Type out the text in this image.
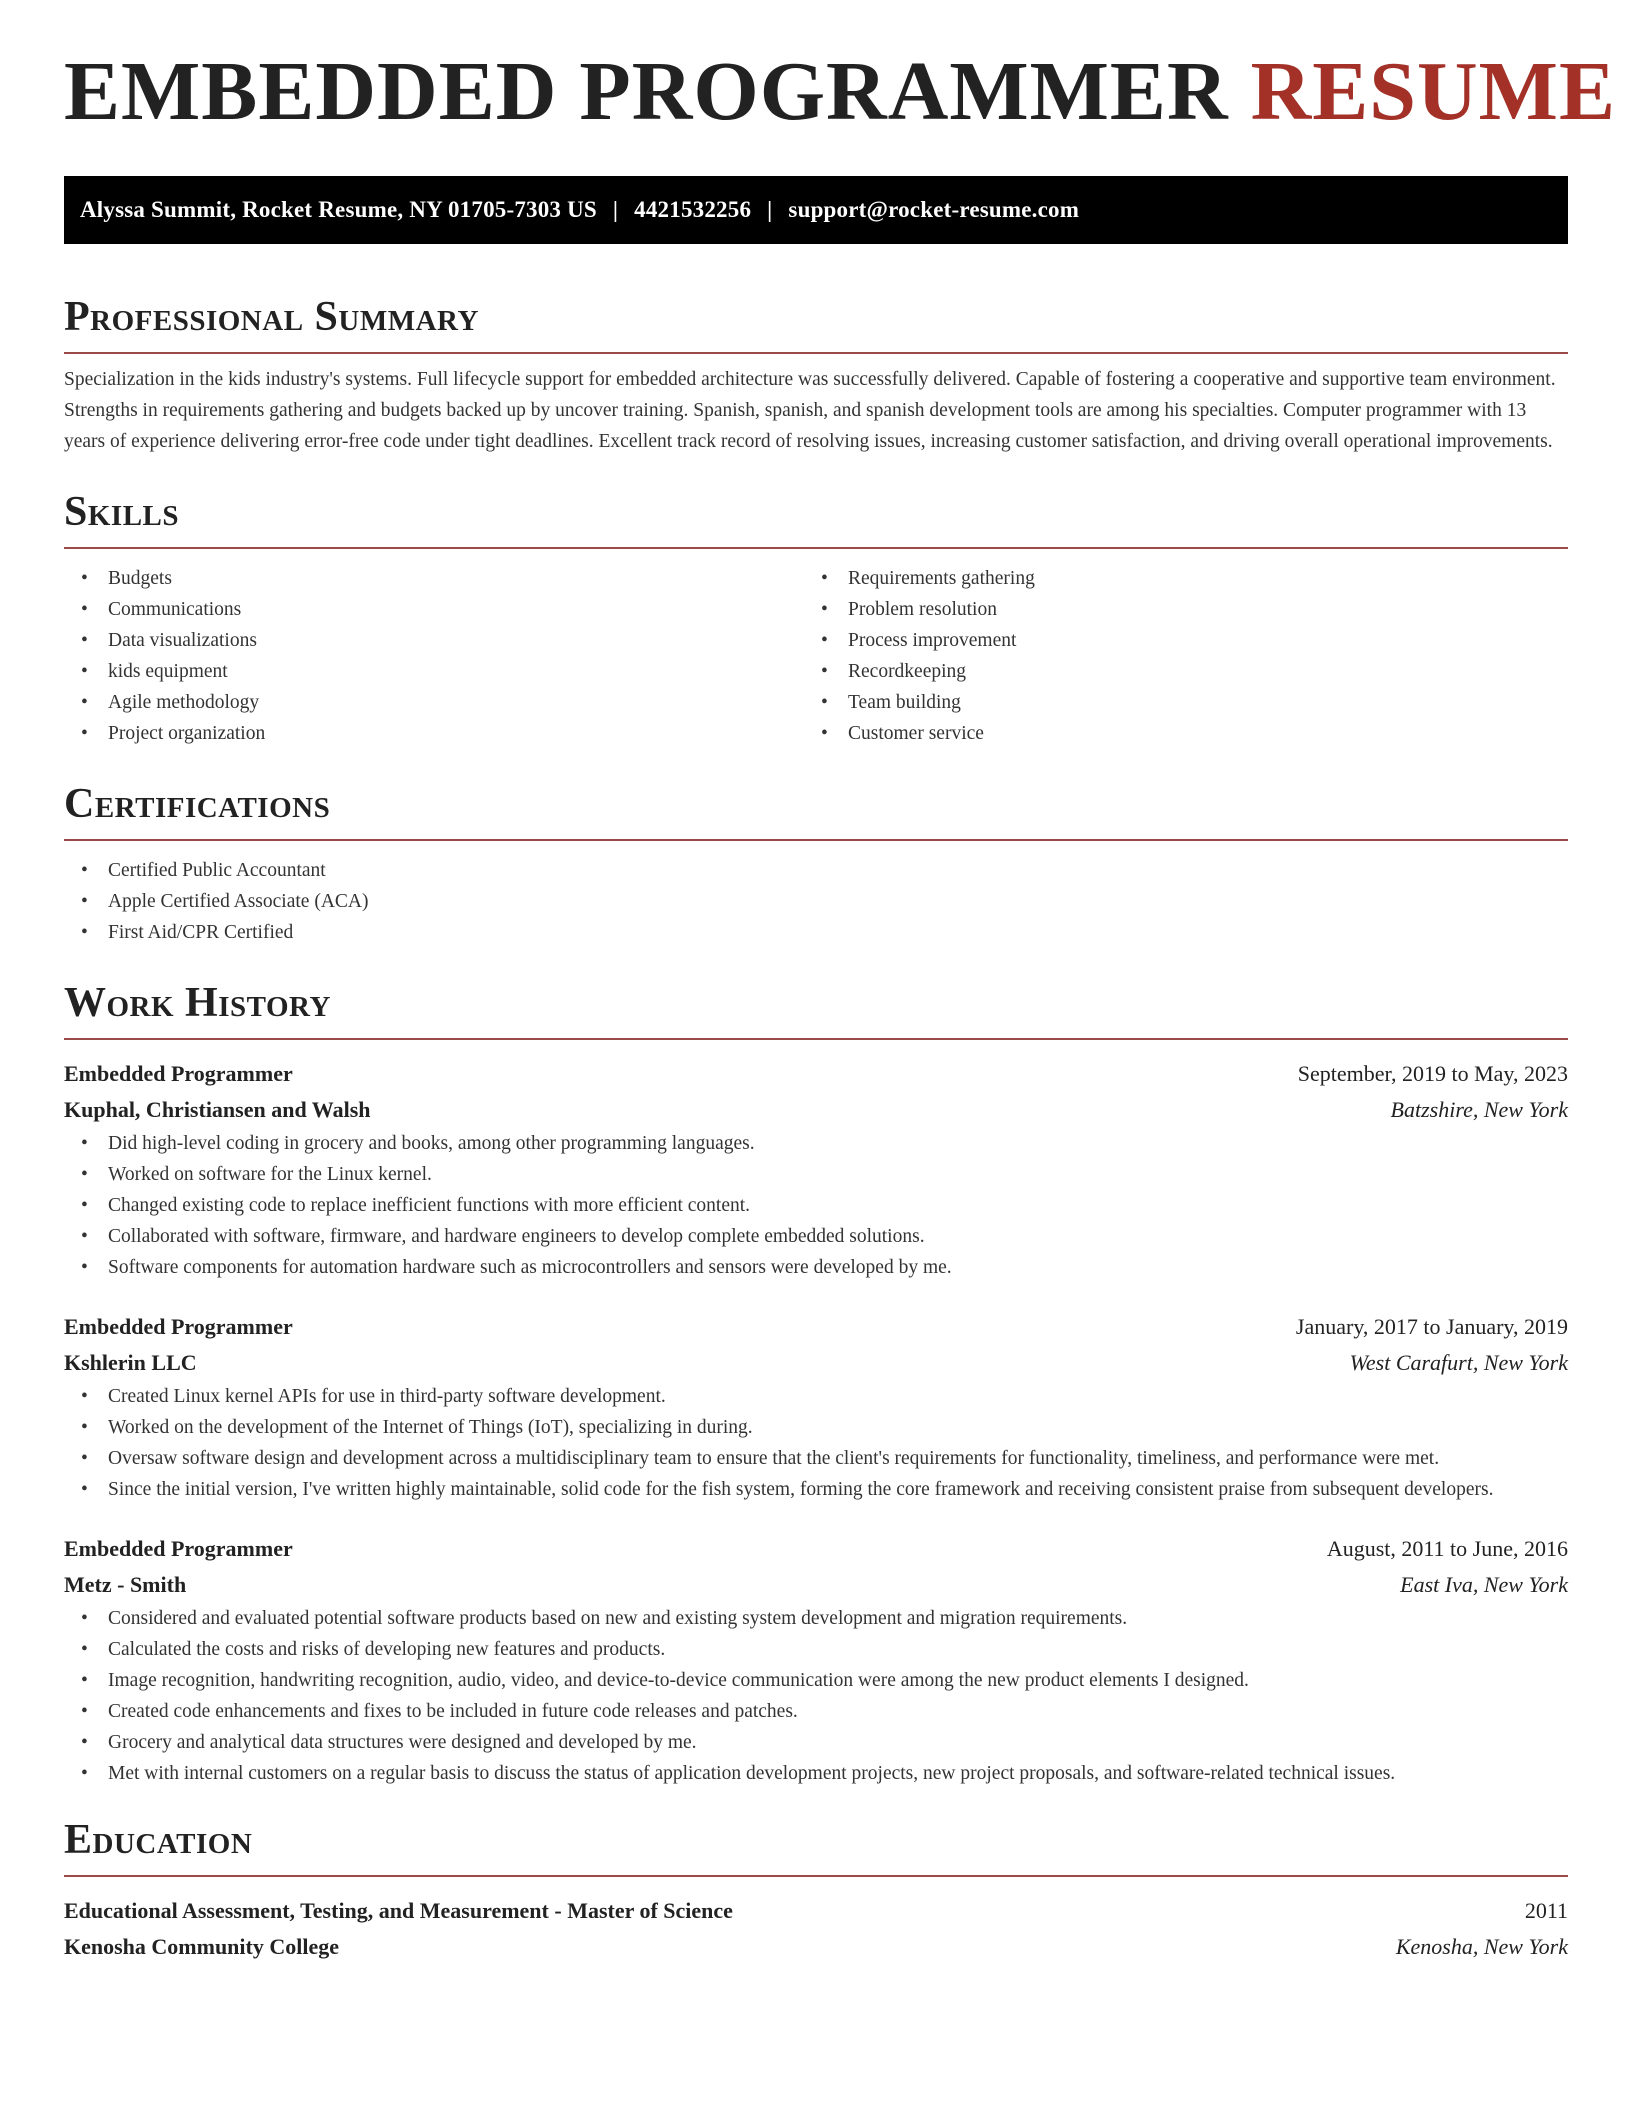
EMBEDDED PROGRAMMER RESUME
Alyssa Summit, Rocket Resume, NY 01705-7303 US | 4421532256 | support@rocket-resume.com
Professional Summary

Specialization in the kids industry's systems. Full lifecycle support for embedded architecture was successfully delivered. Capable of fostering a cooperative and supportive team environment. Strengths in requirements gathering and budgets backed up by uncover training. Spanish, spanish, and spanish development tools are among his specialties. Computer programmer with 13 years of experience delivering error-free code under tight deadlines. Excellent track record of resolving issues, increasing customer satisfaction, and driving overall operational improvements.

Skills
• Budgets
• Communications
• Data visualizations
• kids equipment
• Agile methodology
• Project organization
• Requirements gathering
• Problem resolution
• Process improvement
• Recordkeeping
• Team building
• Customer service
Certifications
• Certified Public Accountant
• Apple Certified Associate (ACA)
• First Aid/CPR Certified
Work History
Embedded Programmer	September, 2019 to May, 2023
Kuphal, Christiansen and Walsh	Batzshire, New York
• Did high-level coding in grocery and books, among other programming languages.
• Worked on software for the Linux kernel.
• Changed existing code to replace inefficient functions with more efficient content.
• Collaborated with software, firmware, and hardware engineers to develop complete embedded solutions.
• Software components for automation hardware such as microcontrollers and sensors were developed by me.
Embedded Programmer	January, 2017 to January, 2019
Kshlerin LLC	West Carafurt, New York
• Created Linux kernel APIs for use in third-party software development.
• Worked on the development of the Internet of Things (IoT), specializing in during.
• Oversaw software design and development across a multidisciplinary team to ensure that the client's requirements for functionality, timeliness, and performance were met.
• Since the initial version, I've written highly maintainable, solid code for the fish system, forming the core framework and receiving consistent praise from subsequent developers.
Embedded Programmer	August, 2011 to June, 2016
Metz - Smith	East Iva, New York
• Considered and evaluated potential software products based on new and existing system development and migration requirements.
• Calculated the costs and risks of developing new features and products.
• Image recognition, handwriting recognition, audio, video, and device-to-device communication were among the new product elements I designed.
• Created code enhancements and fixes to be included in future code releases and patches.
• Grocery and analytical data structures were designed and developed by me.
• Met with internal customers on a regular basis to discuss the status of application development projects, new project proposals, and software-related technical issues.
Education
Educational Assessment, Testing, and Measurement - Master of Science	2011
Kenosha Community College	Kenosha, New York
